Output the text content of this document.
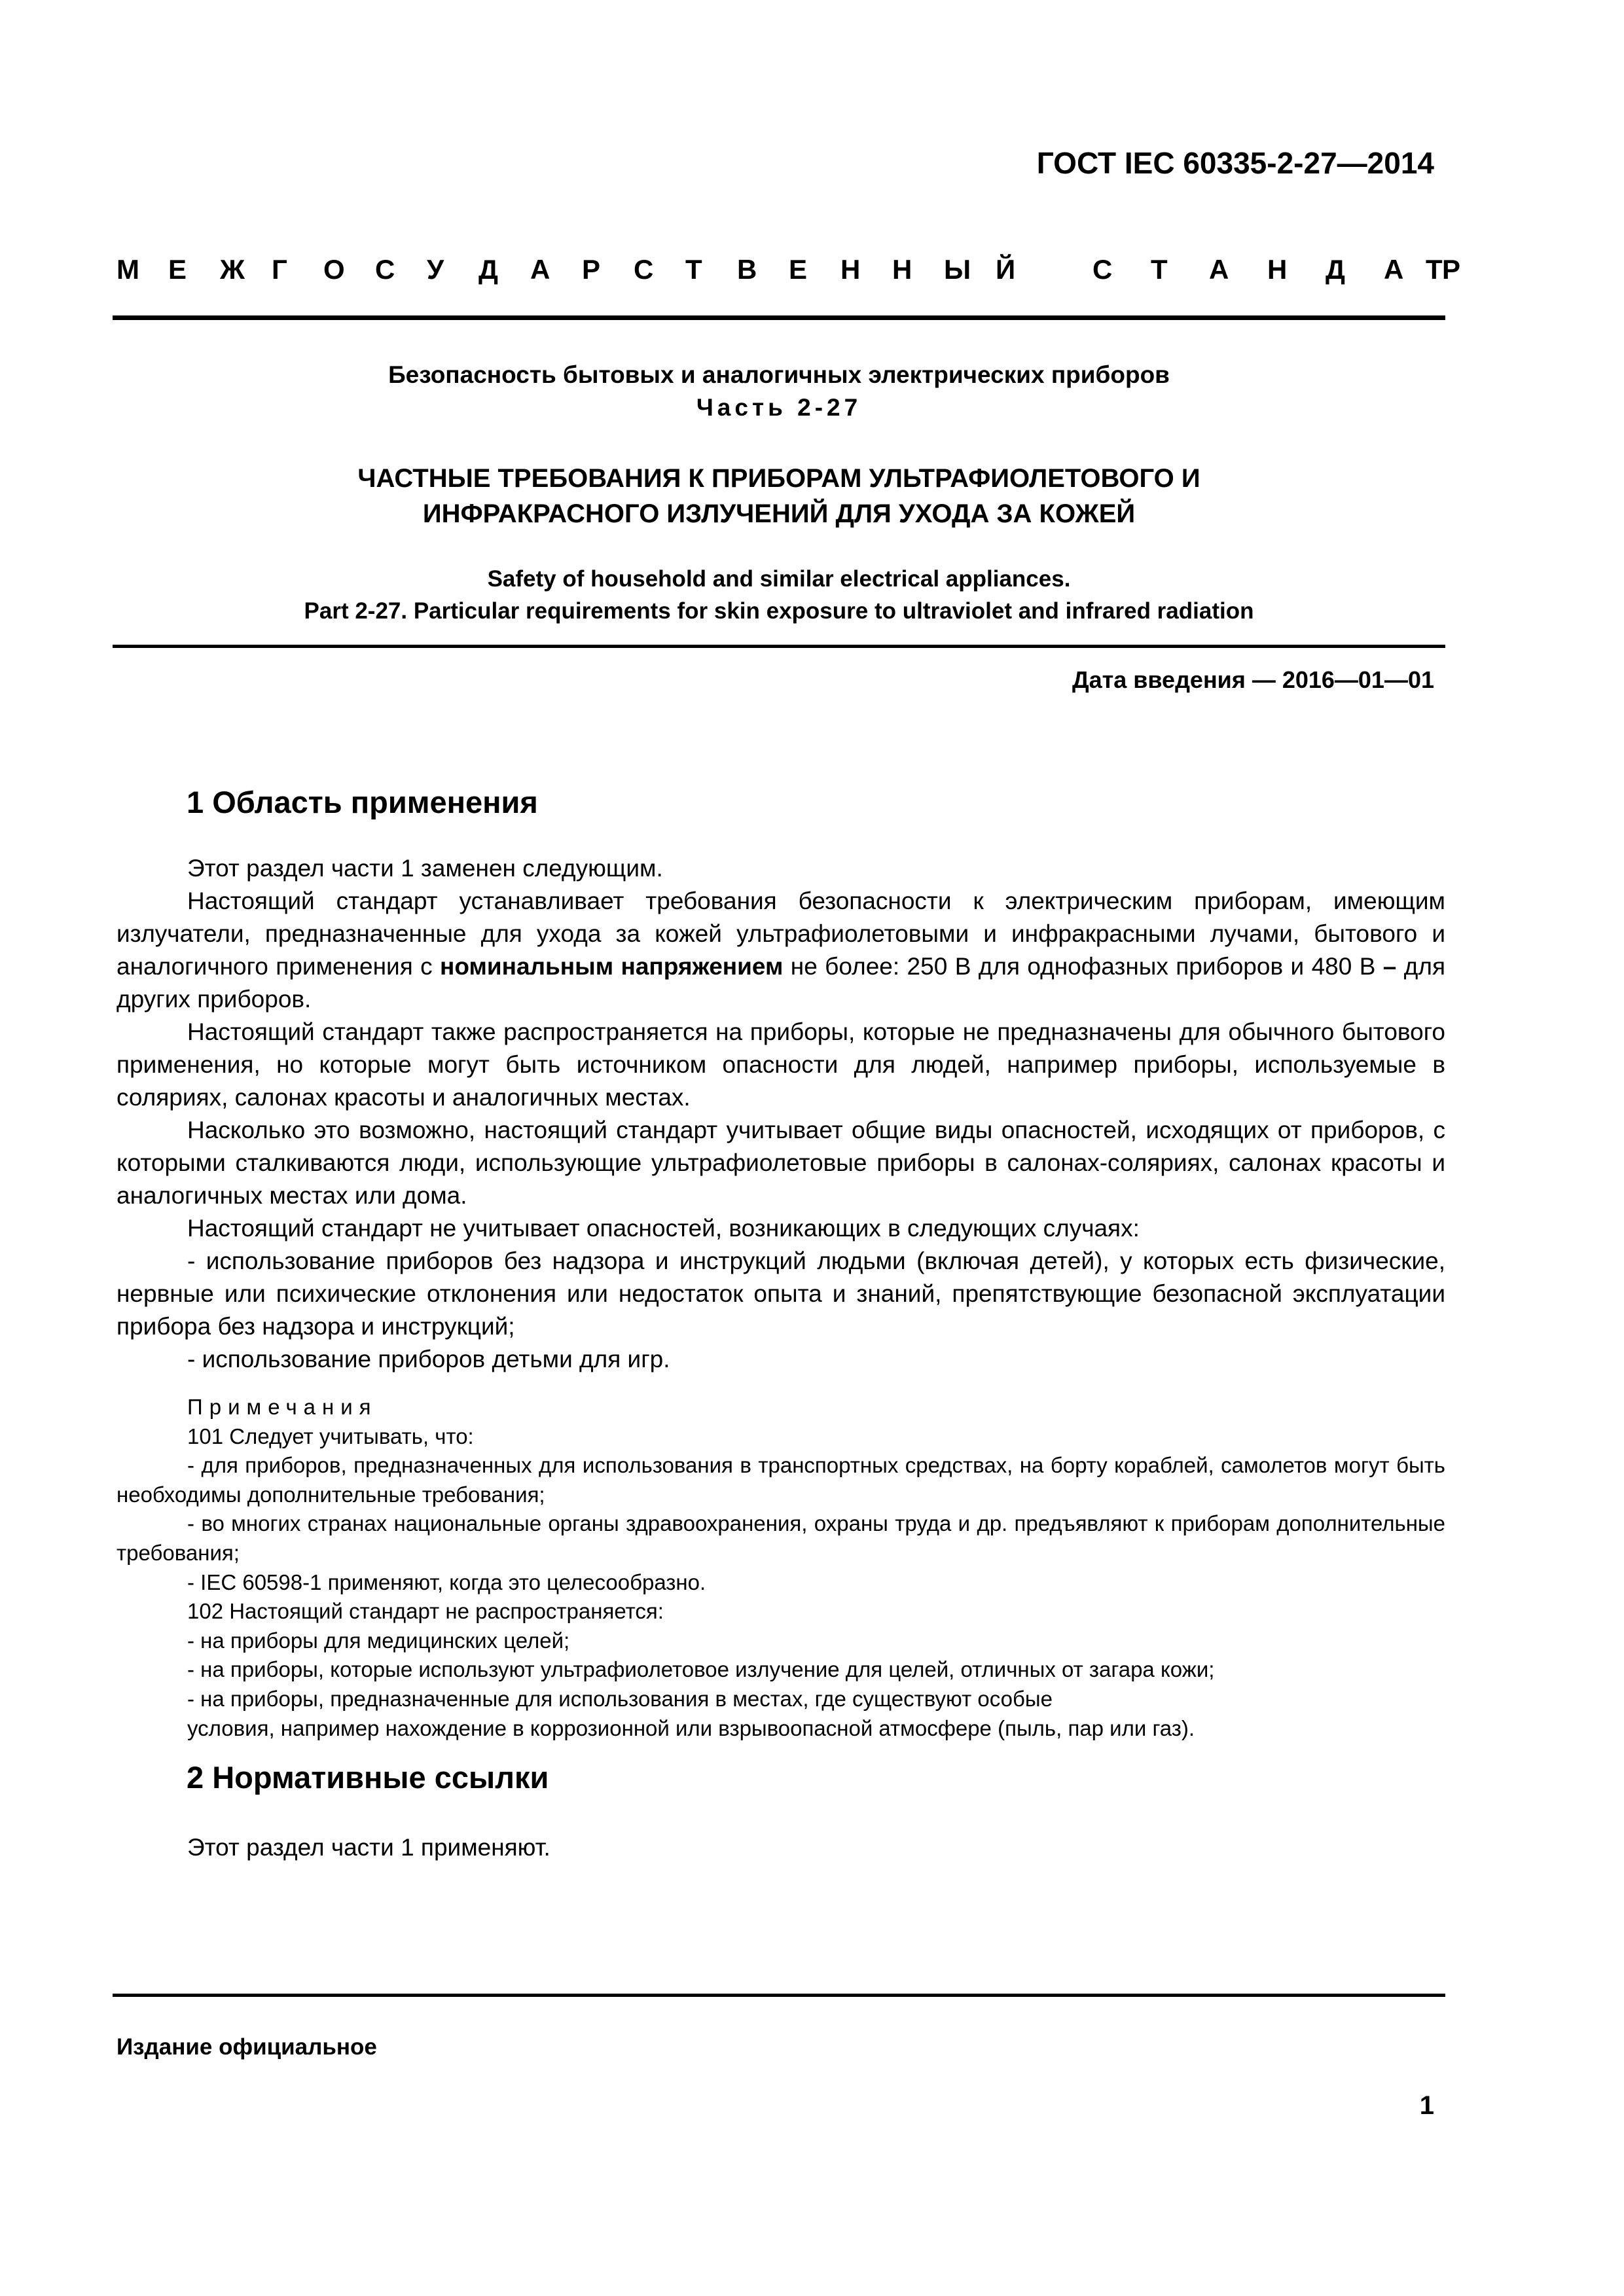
ГОСТ IEC 60335-2-27—2014
М Е Ж Г О С У Д А Р С Т В Е Н Н Ы Й	С Т А Н Д А Р
Т
Безопасность бытовых и аналогичных электрических приборов
Часть 2-27
ЧАСТНЫЕ ТРЕБОВАНИЯ К ПРИБОРАМ УЛЬТРАФИОЛЕТОВОГО И
ИНФРАКРАСНОГО ИЗЛУЧЕНИЙ ДЛЯ УХОДА ЗА КОЖЕЙ
Safety of household and similar electrical appliances.
Part 2-27. Particular requirements for skin exposure to ultraviolet and infrared radiation
Дата введения — 2016—01—01
1 Область применения

Этот раздел части 1 заменен следующим.

Настоящий стандарт устанавливает требования безопасности к электрическим приборам, имеющим излучатели, предназначенные для ухода за кожей ультрафиолетовыми и инфракрасными лучами, бытового и аналогичного применения с номинальным напряжением не более: 250 В для однофазных приборов и 480 В – для других приборов.

Настоящий стандарт также распространяется на приборы, которые не предназначены для обычного бытового применения, но которые могут быть источником опасности для людей, например приборы, используемые в соляриях, салонах красоты и аналогичных местах.

Насколько это возможно, настоящий стандарт учитывает общие виды опасностей, исходящих от приборов, с которыми сталкиваются люди, использующие ультрафиолетовые приборы в салонах-соляриях, салонах красоты и аналогичных местах или дома.

Настоящий стандарт не учитывает опасностей, возникающих в следующих случаях:

- использование приборов без надзора и инструкций людьми (включая детей), у которых есть физические, нервные или психические отклонения или недостаток опыта и знаний, препятствующие безопасной эксплуатации прибора без надзора и инструкций;

- использование приборов детьми для игр.

Примечания

101 Следует учитывать, что:

- для приборов, предназначенных для использования в транспортных средствах, на борту кораблей, самолетов могут быть необходимы дополнительные требования;

- во многих странах национальные органы здравоохранения, охраны труда и др. предъявляют к приборам дополнительные требования;

- IEC 60598-1 применяют, когда это целесообразно.

102 Настоящий стандарт не распространяется:

- на приборы для медицинских целей;

- на приборы, которые используют ультрафиолетовое излучение для целей, отличных от загара кожи;

- на приборы, предназначенные для использования в местах, где существуют особые

условия, например нахождение в коррозионной или взрывоопасной атмосфере (пыль, пар или газ).

2 Нормативные ссылки
Этот раздел части 1 применяют.
Издание официальное
1
